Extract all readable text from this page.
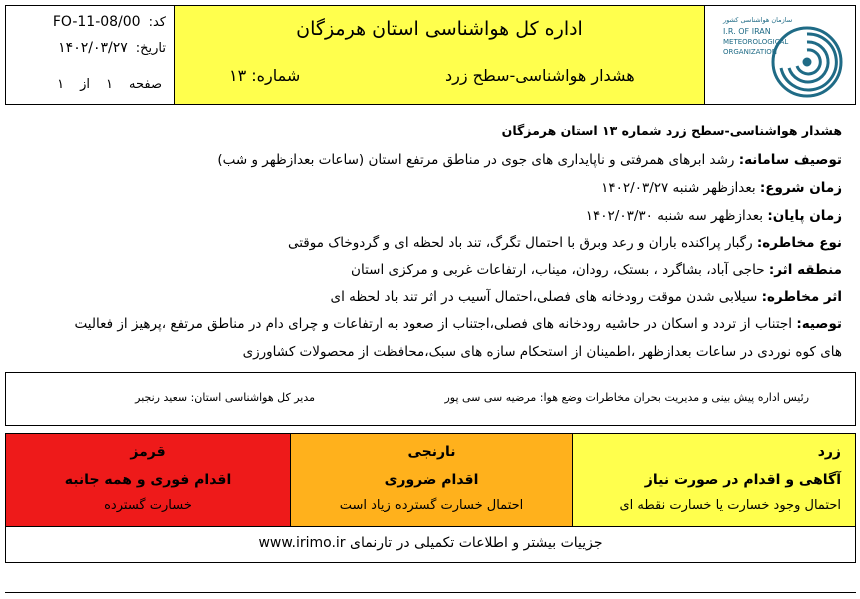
کد:
FO-11-08/00
تاریخ:
۱۴۰۲/۰۳/۲۷
صفحه
۱
از
۱
اداره کل هواشناسی استان هرمزگان
هشدار هواشناسی-سطح زرد
شماره: ۱۳
سازمان هواشناسی کشور
I.R. OF IRAN
METEOROLOGICAL
ORGANIZATION
هشدار هواشناسی-سطح زرد شماره ۱۳ استان هرمزگان
توصیف سامانه: رشد ابرهای همرفتی و ناپایداری های جوی در مناطق مرتفع استان (ساعات بعدازظهر و شب)
زمان شروع: بعدازظهر شنبه ۱۴۰۲/۰۳/۲۷
زمان پایان: بعدازظهر سه شنبه ۱۴۰۲/۰۳/۳۰
نوع مخاطره: رگبار پراکنده باران و رعد وبرق با احتمال تگرگ، تند باد لحظه ای و گردوخاک موقتی
منطقه اثر: حاجی آباد، بشاگرد ، بستک، رودان، میناب، ارتفاعات غربی و مرکزی استان
اثر مخاطره: سیلابی شدن موقت رودخانه های فصلی،احتمال آسیب در اثر تند باد لحظه ای
توصیه: اجتناب از تردد و اسکان در حاشیه رودخانه های فصلی،اجتناب از صعود به ارتفاعات و چرای دام در مناطق مرتفع ،پرهیز از فعالیت
های کوه نوردی در ساعات بعدازظهر ،اطمینان از استحکام سازه های سبک،محافظت از محصولات کشاورزی
رئیس اداره پیش بینی و مدیریت بحران مخاطرات وضع هوا: مرضیه سی سی پور
مدیر کل هواشناسی استان: سعید رنجبر
قرمز
اقدام فوری و همه جانبه
خسارت گسترده
نارنجی
اقدام ضروری
احتمال خسارت گسترده زیاد است
زرد
آگاهی و اقدام در صورت نیاز
احتمال وجود خسارت یا خسارت نقطه ای
جزییات بیشتر و اطلاعات تکمیلی در تارنمای www.irimo.ir
